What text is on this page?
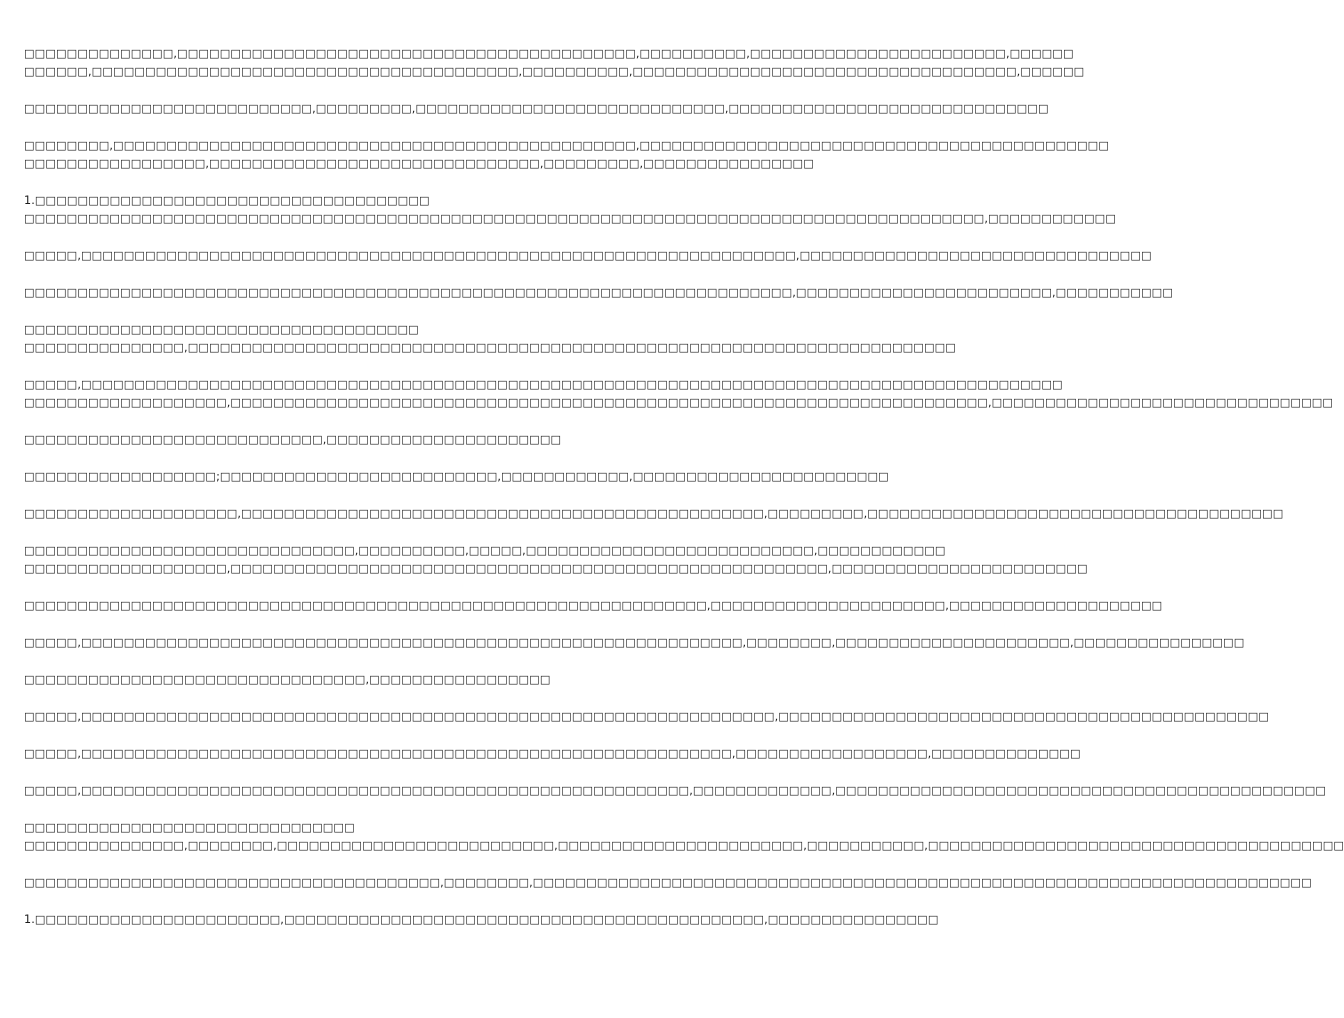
□□□□□□□□□□□□□□,□□□□□□□□□□□□□□□□□□□□□□□□□□□□□□□□□□□□□□□□□□□,□□□□□□□□□□,□□□□□□□□□□□□□□□□□□□□□□□□,□□□□□□
□□□□□□,□□□□□□□□□□□□□□□□□□□□□□□□□□□□□□□□□□□□□□□□,□□□□□□□□□□,□□□□□□□□□□□□□□□□□□□□□□□□□□□□□□□□□□□□,□□□□□□
□□□□□□□□□□□□□□□□□□□□□□□□□□□,□□□□□□□□□,□□□□□□□□□□□□□□□□□□□□□□□□□□□□□,□□□□□□□□□□□□□□□□□□□□□□□□□□□□□□
□□□□□□□□,□□□□□□□□□□□□□□□□□□□□□□□□□□□□□□□□□□□□□□□□□□□□□□□□□,□□□□□□□□□□□□□□□□□□□□□□□□□□□□□□□□□□□□□□□□□□□□
□□□□□□□□□□□□□□□□□,□□□□□□□□□□□□□□□□□□□□□□□□□□□□□□□,□□□□□□□□□,□□□□□□□□□□□□□□□□
1.□□□□□□□□□□□□□□□□□□□□□□□□□□□□□□□□□□□□□
□□□□□□□□□□□□□□□□□□□□□□□□□□□□□□□□□□□□□□□□□□□□□□□□□□□□□□□□□□□□□□□□□□□□□□□□□□□□□□□□□□□□□□□□□□,□□□□□□□□□□□□
□□□□□,□□□□□□□□□□□□□□□□□□□□□□□□□□□□□□□□□□□□□□□□□□□□□□□□□□□□□□□□□□□□□□□□□□□,□□□□□□□□□□□□□□□□□□□□□□□□□□□□□□□□□
□□□□□□□□□□□□□□□□□□□□□□□□□□□□□□□□□□□□□□□□□□□□□□□□□□□□□□□□□□□□□□□□□□□□□□□□,□□□□□□□□□□□□□□□□□□□□□□□□,□□□□□□□□□□□
□□□□□□□□□□□□□□□□□□□□□□□□□□□□□□□□□□□□□
□□□□□□□□□□□□□□□,□□□□□□□□□□□□□□□□□□□□□□□□□□□□□□□□□□□□□□□□□□□□□□□□□□□□□□□□□□□□□□□□□□□□□□□□
□□□□□,□□□□□□□□□□□□□□□□□□□□□□□□□□□□□□□□□□□□□□□□□□□□□□□□□□□□□□□□□□□□□□□□□□□□□□□□□□□□□□□□□□□□□□□□□□□□
□□□□□□□□□□□□□□□□□□□,□□□□□□□□□□□□□□□□□□□□□□□□□□□□□□□□□□□□□□□□□□□□□□□□□□□□□□□□□□□□□□□□□□□□□□□,□□□□□□□□□□□□□□□□□□□□□□□□□□□□□□□□
□□□□□□□□□□□□□□□□□□□□□□□□□□□□,□□□□□□□□□□□□□□□□□□□□□□
□□□□□□□□□□□□□□□□□□;□□□□□□□□□□□□□□□□□□□□□□□□□□,□□□□□□□□□□□□,□□□□□□□□□□□□□□□□□□□□□□□□
□□□□□□□□□□□□□□□□□□□□,□□□□□□□□□□□□□□□□□□□□□□□□□□□□□□□□□□□□□□□□□□□□□□□□□,□□□□□□□□□,□□□□□□□□□□□□□□□□□□□□□□□□□□□□□□□□□□□□□□□
□□□□□□□□□□□□□□□□□□□□□□□□□□□□□□□,□□□□□□□□□□,□□□□□,□□□□□□□□□□□□□□□□□□□□□□□□□□□,□□□□□□□□□□□□
□□□□□□□□□□□□□□□□□□□,□□□□□□□□□□□□□□□□□□□□□□□□□□□□□□□□□□□□□□□□□□□□□□□□□□□□□□□□,□□□□□□□□□□□□□□□□□□□□□□□□
□□□□□□□□□□□□□□□□□□□□□□□□□□□□□□□□□□□□□□□□□□□□□□□□□□□□□□□□□□□□□□□□,□□□□□□□□□□□□□□□□□□□□□□,□□□□□□□□□□□□□□□□□□□□
□□□□□,□□□□□□□□□□□□□□□□□□□□□□□□□□□□□□□□□□□□□□□□□□□□□□□□□□□□□□□□□□□□□□,□□□□□□□□,□□□□□□□□□□□□□□□□□□□□□□,□□□□□□□□□□□□□□□□
□□□□□□□□□□□□□□□□□□□□□□□□□□□□□□□□,□□□□□□□□□□□□□□□□□
□□□□□,□□□□□□□□□□□□□□□□□□□□□□□□□□□□□□□□□□□□□□□□□□□□□□□□□□□□□□□□□□□□□□□□□,□□□□□□□□□□□□□□□□□□□□□□□□□□□□□□□□□□□□□□□□□□□□□□
□□□□□,□□□□□□□□□□□□□□□□□□□□□□□□□□□□□□□□□□□□□□□□□□□□□□□□□□□□□□□□□□□□□,□□□□□□□□□□□□□□□□□□,□□□□□□□□□□□□□□
□□□□□,□□□□□□□□□□□□□□□□□□□□□□□□□□□□□□□□□□□□□□□□□□□□□□□□□□□□□□□□□,□□□□□□□□□□□□□,□□□□□□□□□□□□□□□□□□□□□□□□□□□□□□□□□□□□□□□□□□□□□□
□□□□□□□□□□□□□□□□□□□□□□□□□□□□□□□
□□□□□□□□□□□□□□□,□□□□□□□□,□□□□□□□□□□□□□□□□□□□□□□□□□□,□□□□□□□□□□□□□□□□□□□□□□□,□□□□□□□□□□□,□□□□□□□□□□□□□□□□□□□□□□□□□□□□□□□□□□□□□□□
□□□□□□□□□□□□□□□□□□□□□□□□□□□□□□□□□□□□□□□,□□□□□□□□,□□□□□□□□□□□□□□□□□□□□□□□□□□□□□□□□□□□□□□□□□□□□□□□□□□□□□□□□□□□□□□□□□□□□□□□□□
1.□□□□□□□□□□□□□□□□□□□□□□□,□□□□□□□□□□□□□□□□□□□□□□□□□□□□□□□□□□□□□□□□□□□□□,□□□□□□□□□□□□□□□□
